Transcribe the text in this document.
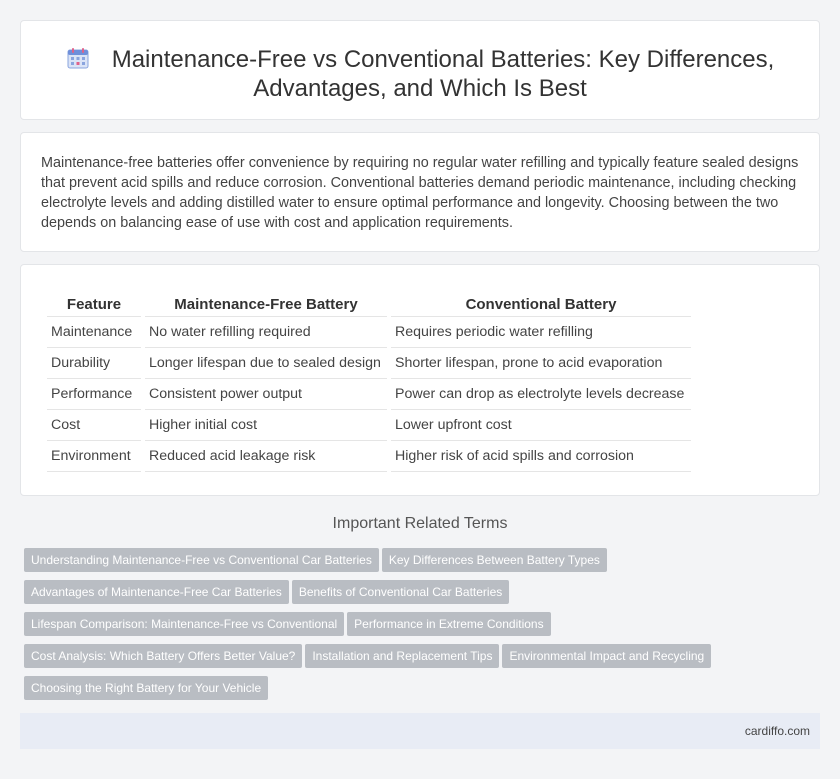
Maintenance-Free vs Conventional Batteries: Key Differences,
Advantages, and Which Is Best

Maintenance-free batteries offer convenience by requiring no regular water refilling and typically feature sealed designs that prevent acid spills and reduce corrosion. Conventional batteries demand periodic maintenance, including checking electrolyte levels and adding distilled water to ensure optimal performance and longevity. Choosing between the two depends on balancing ease of use with cost and application requirements.

Feature	Maintenance-Free Battery	Conventional Battery
Maintenance	No water refilling required	Requires periodic water refilling
Durability	Longer lifespan due to sealed design	Shorter lifespan, prone to acid evaporation
Performance	Consistent power output	Power can drop as electrolyte levels decrease
Cost	Higher initial cost	Lower upfront cost
Environment	Reduced acid leakage risk	Higher risk of acid spills and corrosion
Important Related Terms
Understanding Maintenance-Free vs Conventional Car Batteries Key Differences Between Battery Types
Advantages of Maintenance-Free Car Batteries Benefits of Conventional Car Batteries
Lifespan Comparison: Maintenance-Free vs Conventional Performance in Extreme Conditions
Cost Analysis: Which Battery Offers Better Value? Installation and Replacement Tips Environmental Impact and Recycling
Choosing the Right Battery for Your Vehicle
cardiffo.com
